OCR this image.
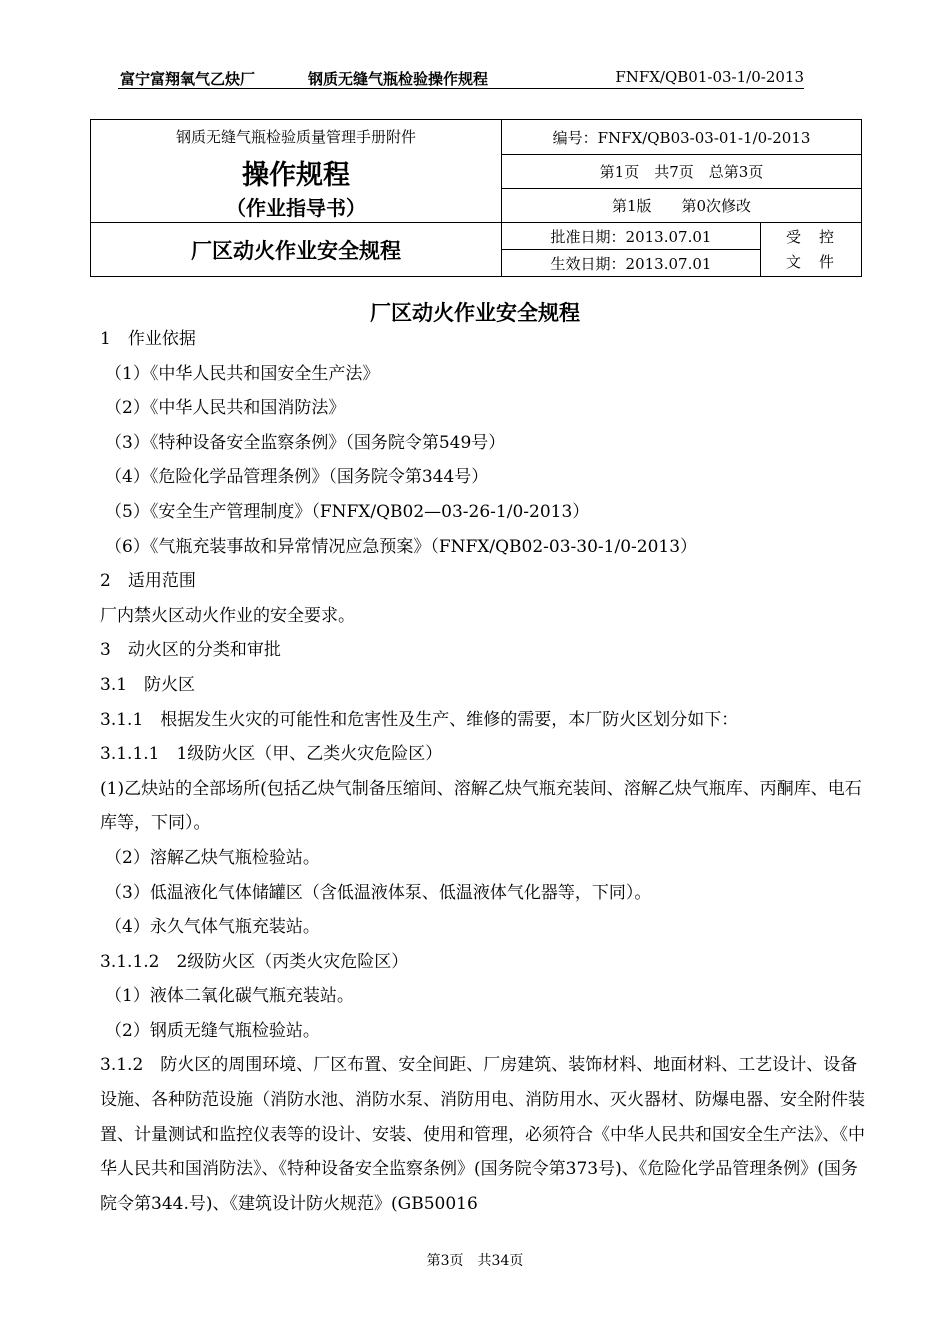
富宁富翔氧气乙炔厂	钢质无缝气瓶检验操作规程	FNFX/QB01-03-1/0-2013
钢质无缝气瓶检验质量管理手册附件
操作规程
（作业指导书）	编号：FNFX/QB03-03-01-1/0-2013	
	第1页　共7页　总第3页	
	第1版　　第0次修改	
厂区动火作业安全规程	批准日期：2013.07.01	受控
文件

	生效日期：2013.07.01	
厂区动火作业安全规程

1　作业依据

（1）《中华人民共和国安全生产法》

（2）《中华人民共和国消防法》

（3）《特种设备安全监察条例》（国务院令第549号）

（4）《危险化学品管理条例》（国务院令第344号）

（5）《安全生产管理制度》（FNFX/QB02—03-26-1/0-2013）

（6）《气瓶充装事故和异常情况应急预案》（FNFX/QB02-03-30-1/0-2013）

2　适用范围

厂内禁火区动火作业的安全要求。

3　动火区的分类和审批

3.1　防火区

3.1.1　根据发生火灾的可能性和危害性及生产、维修的需要，本厂防火区划分如下：

3.1.1.1　1级防火区（甲、乙类火灾危险区）

(1)乙炔站的全部场所(包括乙炔气制备压缩间、溶解乙炔气瓶充装间、溶解乙炔气瓶库、丙酮库、电石库等，下同）。

（2）溶解乙炔气瓶检验站。

（3）低温液化气体储罐区（含低温液体泵、低温液体气化器等，下同）。

（4）永久气体气瓶充装站。

3.1.1.2　2级防火区（丙类火灾危险区）

（1）液体二氧化碳气瓶充装站。

（2）钢质无缝气瓶检验站。

3.1.2　防火区的周围环境、厂区布置、安全间距、厂房建筑、装饰材料、地面材料、工艺设计、设备设施、各种防范设施（消防水池、消防水泵、消防用电、消防用水、灭火器材、防爆电器、安全附件装置、计量测试和监控仪表等的设计、安装、使用和管理，必须符合《中华人民共和国安全生产法》、《中华人民共和国消防法》、《特种设备安全监察条例》(国务院令第373号)、《危险化学品管理条例》(国务院令第344.号)、《建筑设计防火规范》(GB50016

第3页　共34页
